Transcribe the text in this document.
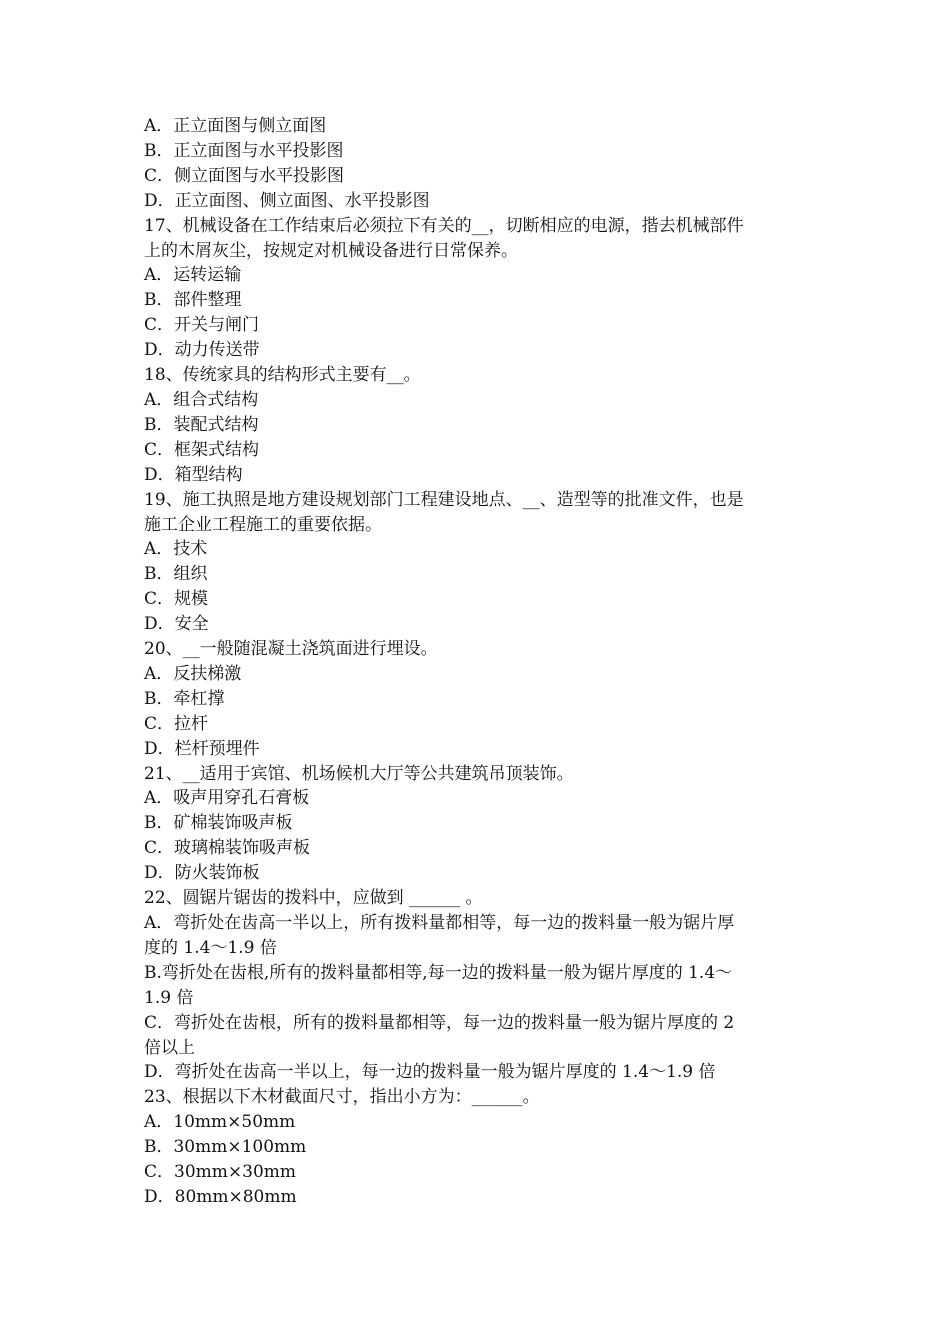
A．正立面图与侧立面图
B．正立面图与水平投影图
C．侧立面图与水平投影图
D．正立面图、侧立面图、水平投影图
17、机械设备在工作结束后必须拉下有关的__，切断相应的电源，揩去机械部件
上的木屑灰尘，按规定对机械设备进行日常保养。
A．运转运输
B．部件整理
C．开关与闸门
D．动力传送带
18、传统家具的结构形式主要有__。
A．组合式结构
B．装配式结构
C．框架式结构
D．箱型结构
19、施工执照是地方建设规划部门工程建设地点、__、造型等的批准文件，也是
施工企业工程施工的重要依据。
A．技术
B．组织
C．规模
D．安全
20、__一般随混凝土浇筑面进行埋设。
A．反扶梯激
B．牵杠撑
C．拉杆
D．栏杆预埋件
21、__适用于宾馆、机场候机大厅等公共建筑吊顶装饰。
A．吸声用穿孔石膏板
B．矿棉装饰吸声板
C．玻璃棉装饰吸声板
D．防火装饰板
22、圆锯片锯齿的拨料中，应做到 ______ 。
A．弯折处在齿高一半以上，所有拨料量都相等，每一边的拨料量一般为锯片厚
度的 1.4～1.9 倍
B.弯折处在齿根,所有的拨料量都相等,每一边的拨料量一般为锯片厚度的 1.4～
1.9 倍
C．弯折处在齿根，所有的拨料量都相等，每一边的拨料量一般为锯片厚度的 2
倍以上
D．弯折处在齿高一半以上，每一边的拨料量一般为锯片厚度的 1.4～1.9 倍
23、根据以下木材截面尺寸，指出小方为：______。
A．10mm×50mm
B．30mm×100mm
C．30mm×30mm
D．80mm×80mm
